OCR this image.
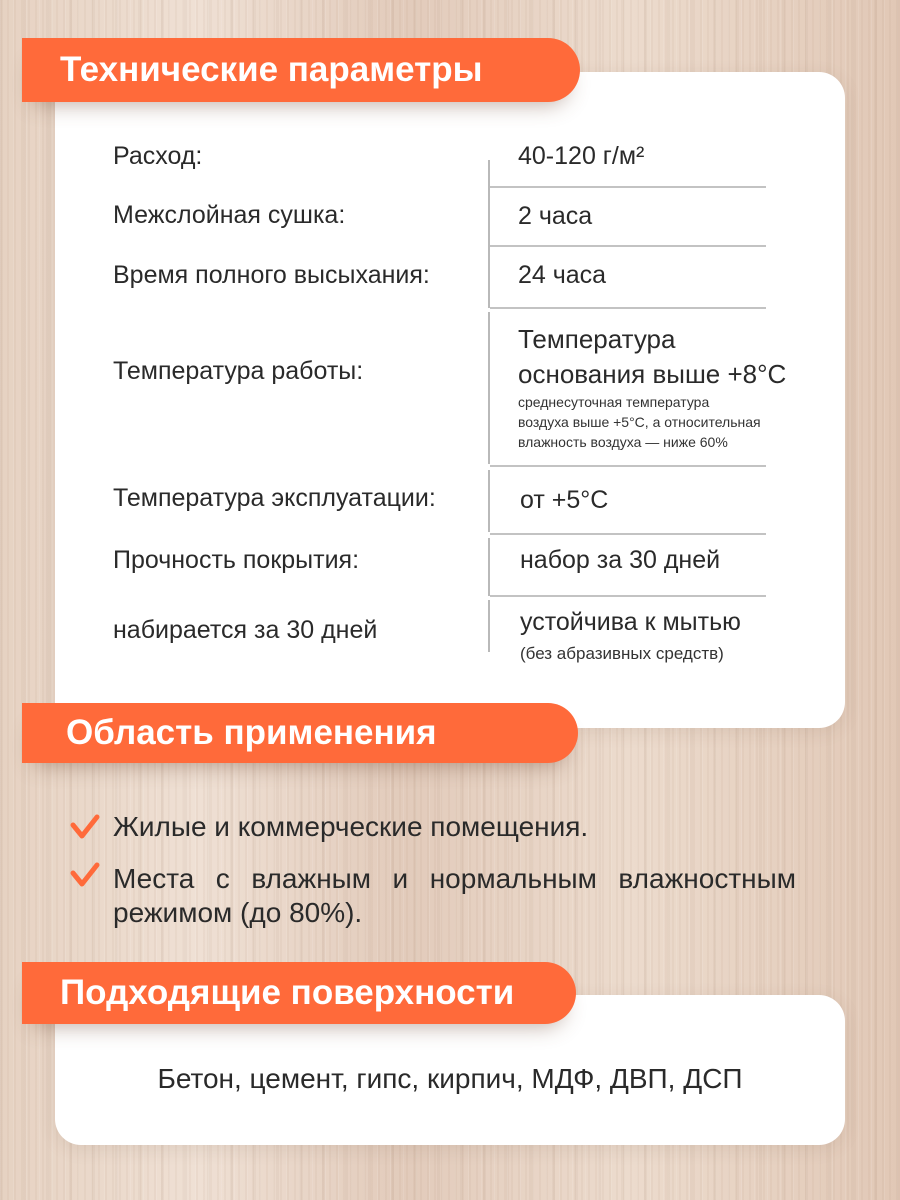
Технические параметры
Расход:
Межслойная сушка:
Время полного высыхания:
Температура работы:
Температура эксплуатации:
Прочность покрытия:
набирается за 30 дней
40-120 г/м²
2 часа
24 часа
Температура
основания выше +8°С
среднесуточная температура
воздуха выше +5°С, а относительная
влажность воздуха — ниже 60%
от +5°С
набор за 30 дней
устойчива к мытью
(без абразивных средств)
Область применения
Жилые и коммерческие помещения.
Места с влажным и нормальным влажностным
режимом (до 80%).
Подходящие поверхности
Бетон, цемент, гипс, кирпич, МДФ, ДВП, ДСП
